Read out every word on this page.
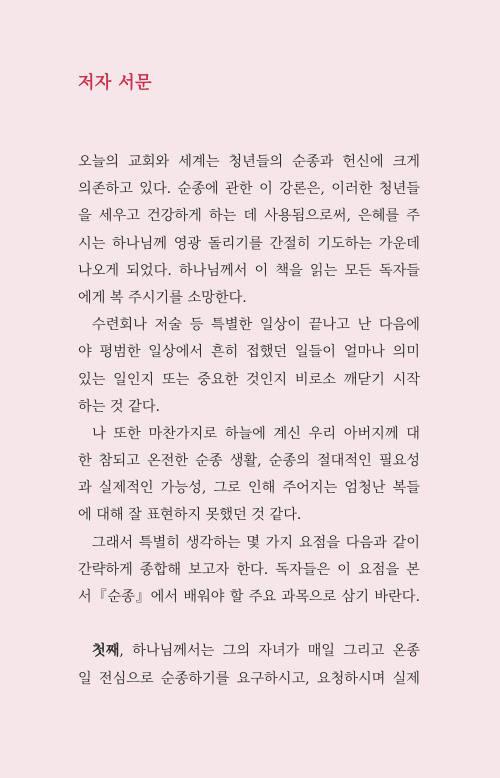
저자 서문
오늘의 교회와 세계는 청년들의 순종과 헌신에 크게
의존하고 있다. 순종에 관한 이 강론은, 이러한 청년들
을 세우고 건강하게 하는 데 사용됨으로써, 은혜를 주
시는 하나님께 영광 돌리기를 간절히 기도하는 가운데
나오게 되었다. 하나님께서 이 책을 읽는 모든 독자들
에게 복 주시기를 소망한다.
수련회나 저술 등 특별한 일상이 끝나고 난 다음에
야 평범한 일상에서 흔히 접했던 일들이 얼마나 의미
있는 일인지 또는 중요한 것인지 비로소 깨닫기 시작
하는 것 같다.
나 또한 마찬가지로 하늘에 계신 우리 아버지께 대
한 참되고 온전한 순종 생활, 순종의 절대적인 필요성
과 실제적인 가능성, 그로 인해 주어지는 엄청난 복들
에 대해 잘 표현하지 못했던 것 같다.
그래서 특별히 생각하는 몇 가지 요점을 다음과 같이
간략하게 종합해 보고자 한다. 독자들은 이 요점을 본
서『순종』에서 배워야 할 주요 과목으로 삼기 바란다.
첫째, 하나님께서는 그의 자녀가 매일 그리고 온종
일 전심으로 순종하기를 요구하시고, 요청하시며 실제
